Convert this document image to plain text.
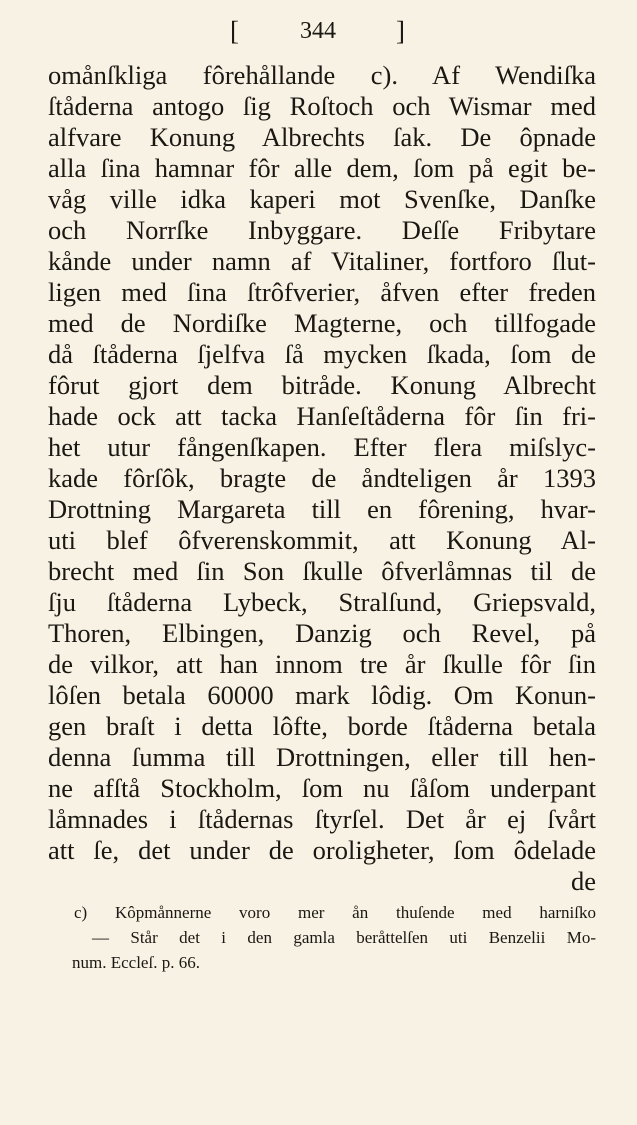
[	344 ]
omånſkliga fôrehållande c). Af Wendiſka
ſtåderna antogo ſig Roſtoch och Wismar med
alfvare Konung Albrechts ſak. De ôpnade
alla ſina hamnar fôr alle dem, ſom på egit be-
våg ville idka kaperi mot Svenſke, Danſke
och Norrſke Inbyggare. Deſſe Fribytare
kånde under namn af Vitaliner, fortforo ſlut-
ligen med ſina ſtrôfverier, åfven efter freden
med de Nordiſke Magterne, och tillfogade
då ſtåderna ſjelfva ſå mycken ſkada, ſom de
fôrut gjort dem bitråde. Konung Albrecht
hade ock att tacka Hanſeſtåderna fôr ſin fri-
het utur fångenſkapen. Efter flera miſslyc-
kade fôrſôk, bragte de åndteligen år 1393
Drottning Margareta till en fôrening, hvar-
uti blef ôfverenskommit, att Konung Al-
brecht med ſin Son ſkulle ôfverlåmnas til de
ſju ſtåderna Lybeck, Stralſund, Griepsvald,
Thoren, Elbingen, Danzig och Revel, på
de vilkor, att han innom tre år ſkulle fôr ſin
lôſen betala 60000 mark lôdig. Om Konun-
gen braſt i detta lôfte, borde ſtåderna betala
denna ſumma till Drottningen, eller till hen-
ne afſtå Stockholm, ſom nu ſåſom underpant
låmnades i ſtådernas ſtyrſel. Det år ej ſvårt
att ſe, det under de oroligheter, ſom ôdelade
de
c) Kôpmånnerne voro mer ån thuſende med harniſko
— Står det i den gamla beråttelſen uti Benzelii Mo-
num. Eccleſ. p. 66.
